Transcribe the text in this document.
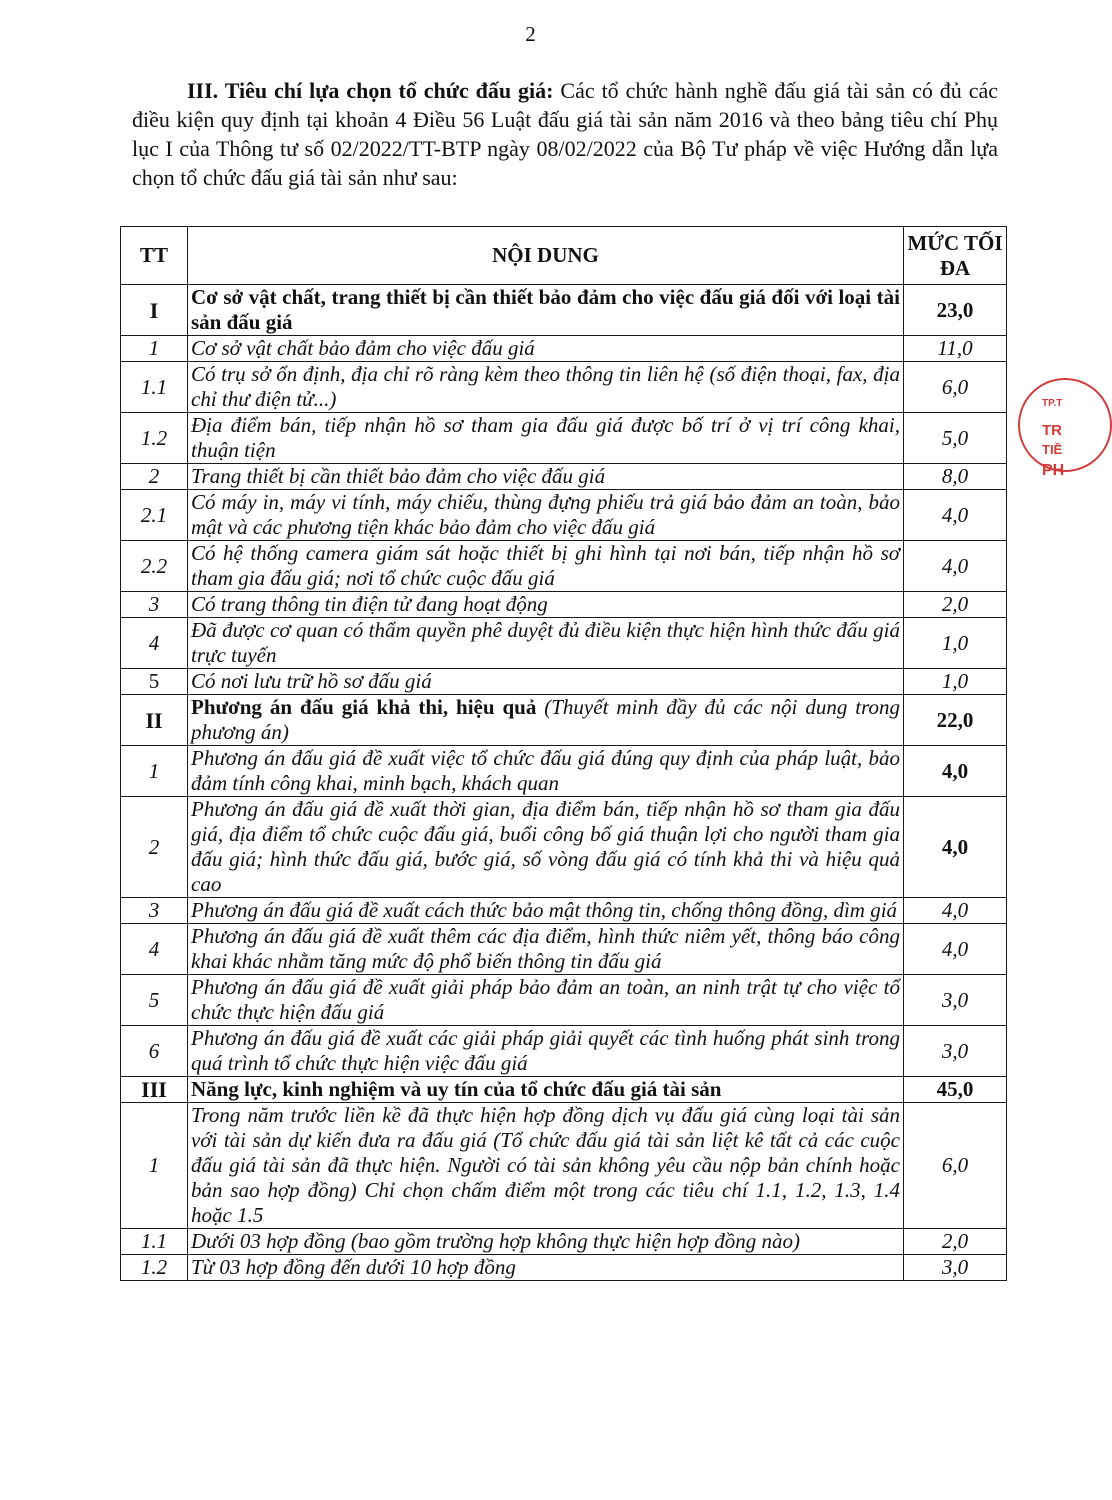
2

III. Tiêu chí lựa chọn tổ chức đấu giá: Các tổ chức hành nghề đấu giá tài sản có đủ các điều kiện quy định tại khoản 4 Điều 56 Luật đấu giá tài sản năm 2016 và theo bảng tiêu chí Phụ lục I của Thông tư số 02/2022/TT-BTP ngày 08/02/2022 của Bộ Tư pháp về việc Hướng dẫn lựa chọn tổ chức đấu giá tài sản như sau:

TT	NỘI DUNG	MỨC TỐI ĐA
I	Cơ sở vật chất, trang thiết bị cần thiết bảo đảm cho việc đấu giá đối với loại tài sản đấu giá	23,0
1	Cơ sở vật chất bảo đảm cho việc đấu giá	11,0
1.1	Có trụ sở ổn định, địa chỉ rõ ràng kèm theo thông tin liên hệ (số điện thoại, fax, địa chỉ thư điện tử...)	6,0
1.2	Địa điểm bán, tiếp nhận hồ sơ tham gia đấu giá được bố trí ở vị trí công khai, thuận tiện	5,0
2	Trang thiết bị cần thiết bảo đảm cho việc đấu giá	8,0
2.1	Có máy in, máy vi tính, máy chiếu, thùng đựng phiếu trả giá bảo đảm an toàn, bảo mật và các phương tiện khác bảo đảm cho việc đấu giá	4,0
2.2	Có hệ thống camera giám sát hoặc thiết bị ghi hình tại nơi bán, tiếp nhận hồ sơ tham gia đấu giá; nơi tổ chức cuộc đấu giá	4,0
3	Có trang thông tin điện tử đang hoạt động	2,0
4	Đã được cơ quan có thẩm quyền phê duyệt đủ điều kiện thực hiện hình thức đấu giá trực tuyến	1,0
5	Có nơi lưu trữ hồ sơ đấu giá	1,0
II	Phương án đấu giá khả thi, hiệu quả (Thuyết minh đầy đủ các nội dung trong phương án)	22,0
1	Phương án đấu giá đề xuất việc tổ chức đấu giá đúng quy định của pháp luật, bảo đảm tính công khai, minh bạch, khách quan	4,0
2	Phương án đấu giá đề xuất thời gian, địa điểm bán, tiếp nhận hồ sơ tham gia đấu giá, địa điểm tổ chức cuộc đấu giá, buổi công bố giá thuận lợi cho người tham gia đấu giá; hình thức đấu giá, bước giá, số vòng đấu giá có tính khả thi và hiệu quả cao	4,0
3	Phương án đấu giá đề xuất cách thức bảo mật thông tin, chống thông đồng, dìm giá	4,0
4	Phương án đấu giá đề xuất thêm các địa điểm, hình thức niêm yết, thông báo công khai khác nhằm tăng mức độ phổ biến thông tin đấu giá	4,0
5	Phương án đấu giá đề xuất giải pháp bảo đảm an toàn, an ninh trật tự cho việc tổ chức thực hiện đấu giá	3,0
6	Phương án đấu giá đề xuất các giải pháp giải quyết các tình huống phát sinh trong quá trình tổ chức thực hiện việc đấu giá	3,0
III	Năng lực, kinh nghiệm và uy tín của tổ chức đấu giá tài sản	45,0
1	Trong năm trước liền kề đã thực hiện hợp đồng dịch vụ đấu giá cùng loại tài sản với tài sản dự kiến đưa ra đấu giá (Tổ chức đấu giá tài sản liệt kê tất cả các cuộc đấu giá tài sản đã thực hiện. Người có tài sản không yêu cầu nộp bản chính hoặc bản sao hợp đồng) Chỉ chọn chấm điểm một trong các tiêu chí 1.1, 1.2, 1.3, 1.4 hoặc 1.5	6,0
1.1	Dưới 03 hợp đồng (bao gồm trường hợp không thực hiện hợp đồng nào)	2,0
1.2	Từ 03 hợp đồng đến dưới 10 hợp đồng	3,0
TP.T
TR
TIỀ
PH
